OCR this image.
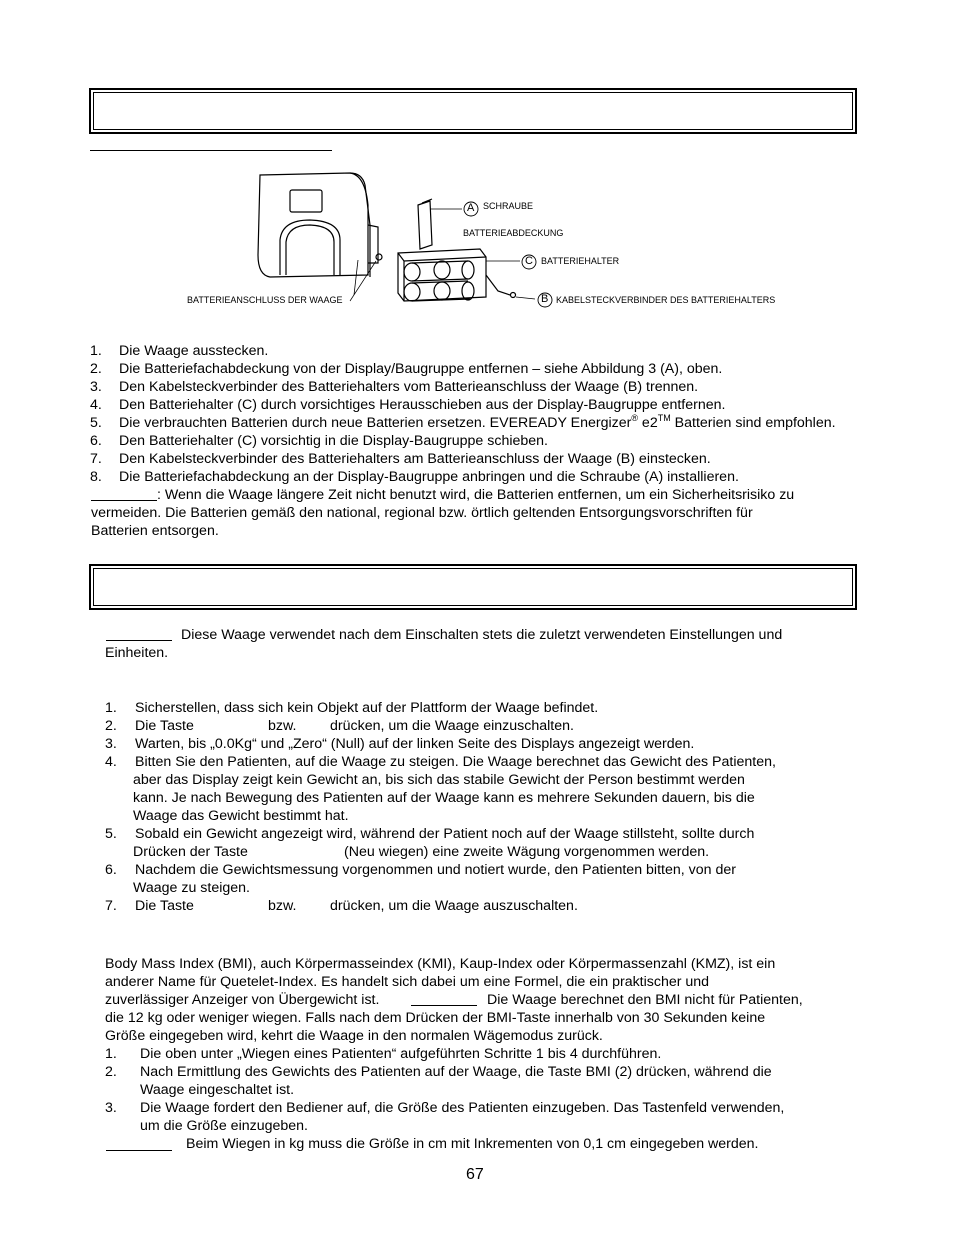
A
C
B
SCHRAUBE
BATTERIEABDECKUNG
BATTERIEHALTER
KABELSTECKVERBINDER DES BATTERIEHALTERS
BATTERIEANSCHLUSS DER WAAGE
1. Die Waage ausstecken.
2. Die Batteriefachabdeckung von der Display/Baugruppe entfernen – siehe Abbildung 3 (A), oben.
3. Den Kabelsteckverbinder des Batteriehalters vom Batterieanschluss der Waage (B) trennen.
4. Den Batteriehalter (C) durch vorsichtiges Herausschieben aus der Display-Baugruppe entfernen.
5. Die verbrauchten Batterien durch neue Batterien ersetzen. EVEREADY Energizer® e2™ Batterien sind empfohlen.
6. Den Batteriehalter (C) vorsichtig in die Display-Baugruppe schieben.
7. Den Kabelsteckverbinder des Batteriehalters am Batterieanschluss der Waage (B) einstecken.
8. Die Batteriefachabdeckung an der Display-Baugruppe anbringen und die Schraube (A) installieren.
: Wenn die Waage längere Zeit nicht benutzt wird, die Batterien entfernen, um ein Sicherheitsrisiko zu
vermeiden. Die Batterien gemäß den national, regional bzw. örtlich geltenden Entsorgungsvorschriften für
Batterien entsorgen.
Diese Waage verwendet nach dem Einschalten stets die zuletzt verwendeten Einstellungen und
Einheiten.
1. Sicherstellen, dass sich kein Objekt auf der Plattform der Waage befindet.
2. Die Taste	bzw. drücken, um die Waage einzuschalten.
3. Warten, bis „0.0Kg“ und „Zero“ (Null) auf der linken Seite des Displays angezeigt werden.
4. Bitten Sie den Patienten, auf die Waage zu steigen. Die Waage berechnet das Gewicht des Patienten,
aber das Display zeigt kein Gewicht an, bis sich das stabile Gewicht der Person bestimmt werden
kann. Je nach Bewegung des Patienten auf der Waage kann es mehrere Sekunden dauern, bis die
Waage das Gewicht bestimmt hat.
5. Sobald ein Gewicht angezeigt wird, während der Patient noch auf der Waage stillsteht, sollte durch
Drücken der Taste	(Neu wiegen) eine zweite Wägung vorgenommen werden.
6. Nachdem die Gewichtsmessung vorgenommen und notiert wurde, den Patienten bitten, von der
Waage zu steigen.
7. Die Taste	bzw. drücken, um die Waage auszuschalten.
Body Mass Index (BMI), auch Körpermasseindex (KMI), Kaup-Index oder Körpermassenzahl (KMZ), ist ein
anderer Name für Quetelet-Index. Es handelt sich dabei um eine Formel, die ein praktischer und
zuverlässiger Anzeiger von Übergewicht ist.	Die Waage berechnet den BMI nicht für Patienten,
die 12 kg oder weniger wiegen. Falls nach dem Drücken der BMI-Taste innerhalb von 30 Sekunden keine
Größe eingegeben wird, kehrt die Waage in den normalen Wägemodus zurück.
1. Die oben unter „Wiegen eines Patienten“ aufgeführten Schritte 1 bis 4 durchführen.
2. Nach Ermittlung des Gewichts des Patienten auf der Waage, die Taste BMI (2) drücken, während die
Waage eingeschaltet ist.
3. Die Waage fordert den Bediener auf, die Größe des Patienten einzugeben. Das Tastenfeld verwenden,
um die Größe einzugeben.
Beim Wiegen in kg muss die Größe in cm mit Inkrementen von 0,1 cm eingegeben werden.
67
